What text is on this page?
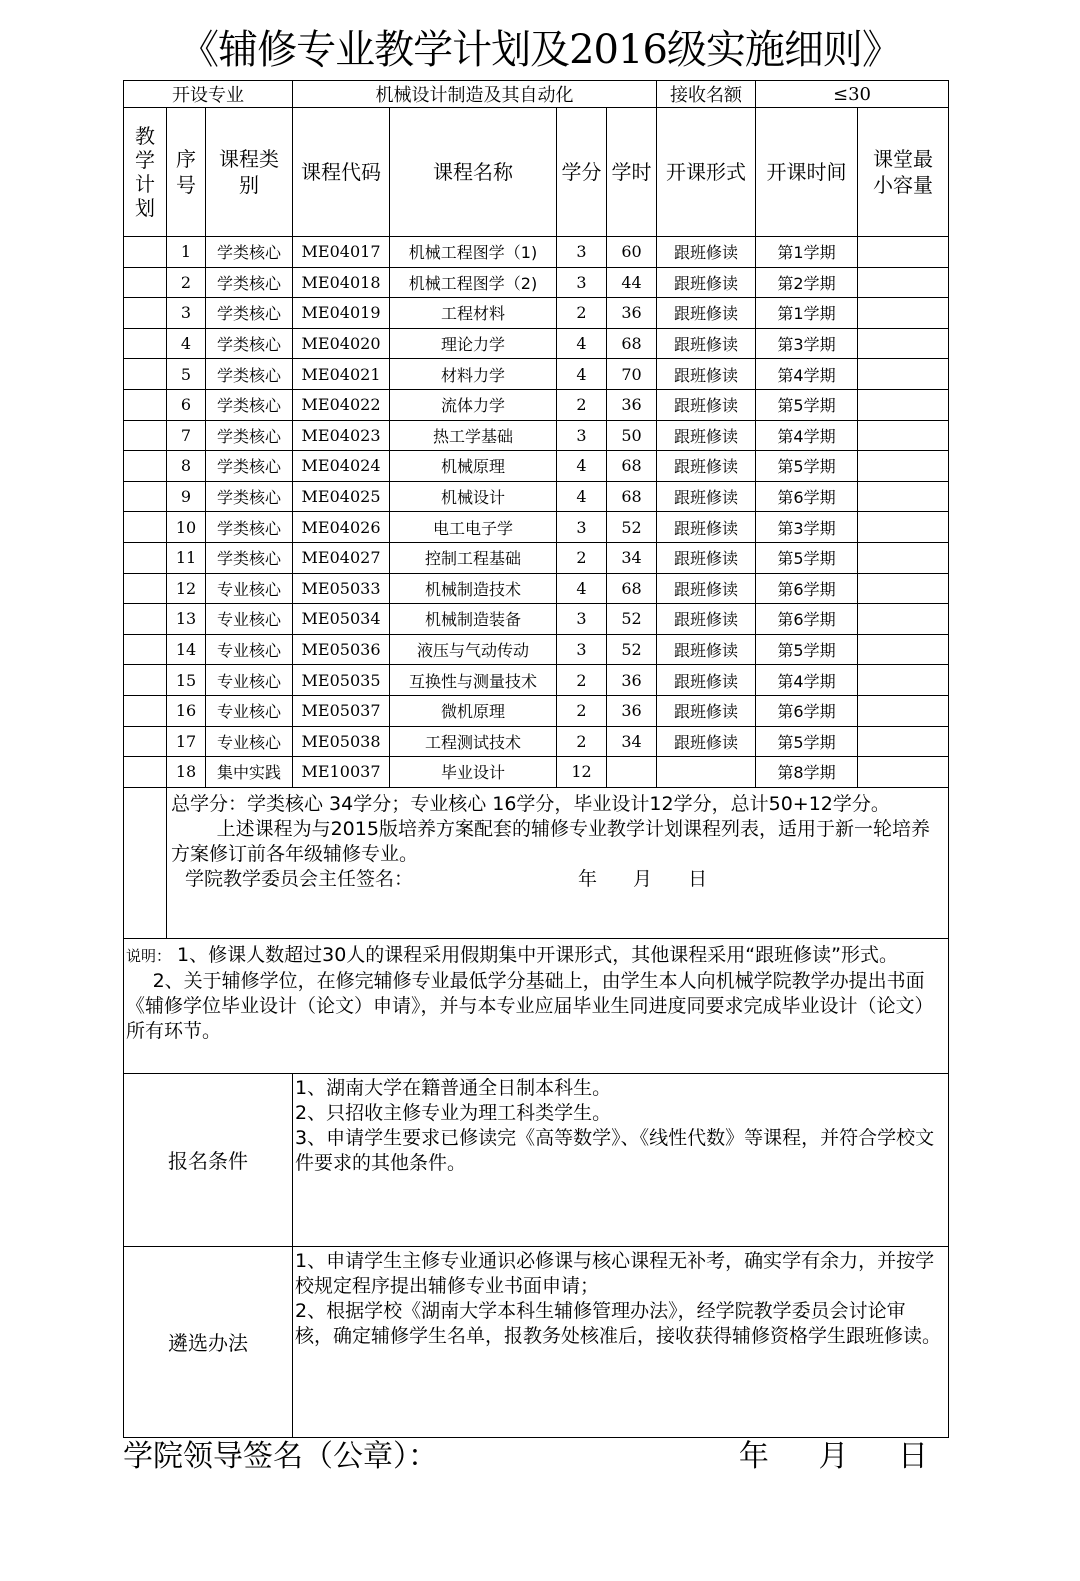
《辅修专业教学计划及2016级实施细则》
开设专业			机械设计制造及其自动化				接收名额	≤30	

教学计划	序号	课程类别	课程代码	课程名称	学分	学时	开课形式	开课时间	课堂最小容量

	1	学类核心	ME04017	机械工程图学（1)	3	60	跟班修读	第1学期	
	2	学类核心	ME04018	机械工程图学（2)	3	44	跟班修读	第2学期	
	3	学类核心	ME04019	工程材料	2	36	跟班修读	第1学期	
	4	学类核心	ME04020	理论力学	4	68	跟班修读	第3学期	
	5	学类核心	ME04021	材料力学	4	70	跟班修读	第4学期	
	6	学类核心	ME04022	流体力学	2	36	跟班修读	第5学期	
	7	学类核心	ME04023	热工学基础	3	50	跟班修读	第4学期	
	8	学类核心	ME04024	机械原理	4	68	跟班修读	第5学期	
	9	学类核心	ME04025	机械设计	4	68	跟班修读	第6学期	
	10	学类核心	ME04026	电工电子学	3	52	跟班修读	第3学期	
	11	学类核心	ME04027	控制工程基础	2	34	跟班修读	第5学期	
	12	专业核心	ME05033	机械制造技术	4	68	跟班修读	第6学期	
	13	专业核心	ME05034	机械制造装备	3	52	跟班修读	第6学期	
	14	专业核心	ME05036	液压与气动传动	3	52	跟班修读	第5学期	
	15	专业核心	ME05035	互换性与测量技术	2	36	跟班修读	第4学期	
	16	专业核心	ME05037	微机原理	2	36	跟班修读	第6学期	
	17	专业核心	ME05038	工程测试技术	2	34	跟班修读	第5学期	
	18	集中实践	ME10037	毕业设计	12			第8学期	

	总学分：学类核心 34学分；专业核心 16学分，毕业设计12学分，总计50+12学分。
上述课程为与2015版培养方案配套的辅修专业教学计划课程列表，适用于新一轮培养方案修订前各年级辅修专业。
学院教学委员会主任签名： 年 月 日								

说明： 1、修课人数超过30人的课程采用假期集中开课形式，其他课程采用“跟班修读”形式。
2、关于辅修学位，在修完辅修专业最低学分基础上，由学生本人向机械学院教学办提出书面《辅修学位毕业设计（论文）申请》，并与本专业应届毕业生同进度同要求完成毕业设计（论文）所有环节。									

报名条件			1、湖南大学在籍普通全日制本科生。
2、只招收主修专业为理工科类学生。
3、申请学生要求已修读完《高等数学》、《线性代数》等课程，并符合学校文件要求的其他条件。						

遴选办法			1、申请学生主修专业通识必修课与核心课程无补考，确实学有余力，并按学校规定程序提出辅修专业书面申请；
2、根据学校《湖南大学本科生辅修管理办法》，经学院教学委员会讨论审核，确定辅修学生名单，报教务处核准后，接收获得辅修资格学生跟班修读。						
学院领导签名（公章）：	年 月 日
